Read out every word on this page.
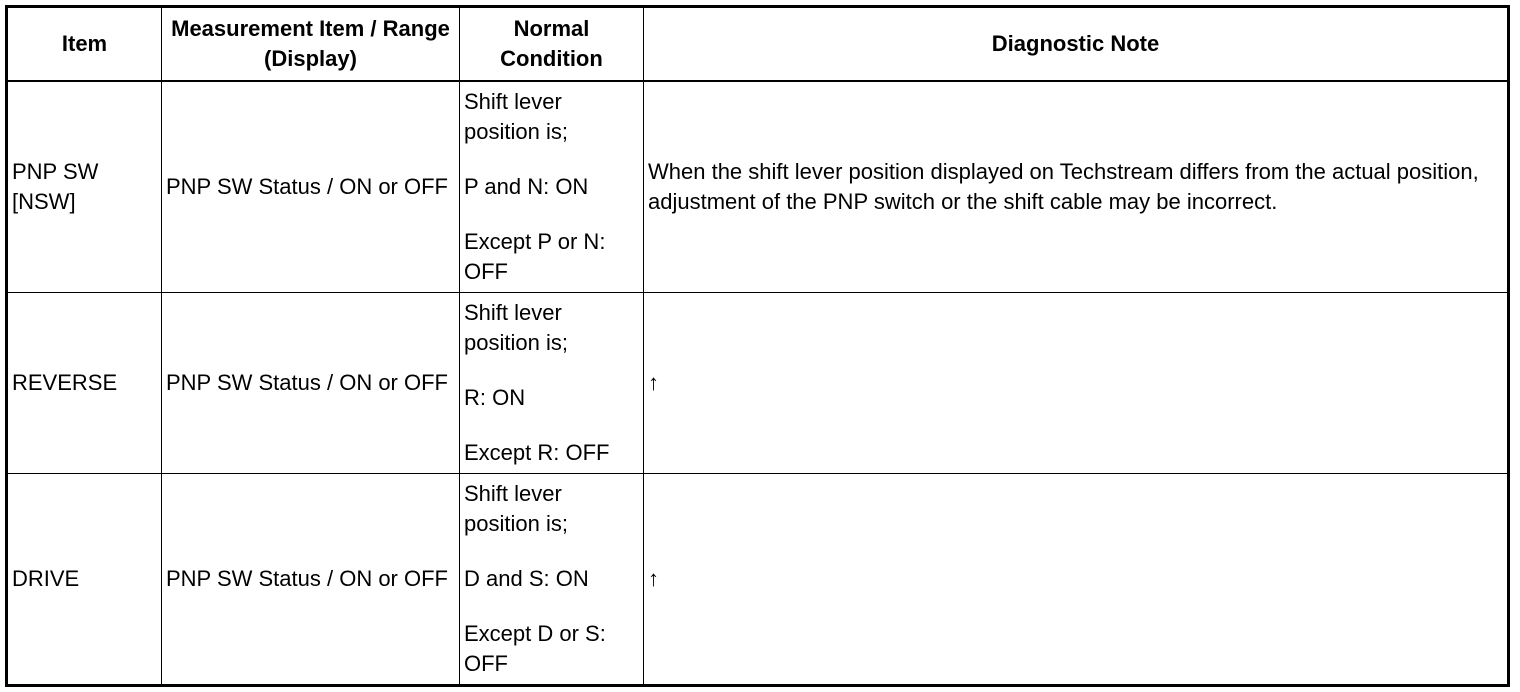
Item	Measurement Item / Range (Display)	Normal Condition	Diagnostic Note
PNP SW [NSW]	PNP SW Status / ON or OFF	Shift lever position is;

P and N: ON

Except P or N: OFF	When the shift lever position displayed on Techstream differs from the actual position, adjustment of the PNP switch or the shift cable may be incorrect.
REVERSE	PNP SW Status / ON or OFF	Shift lever position is;

R: ON

Except R: OFF	↑
DRIVE	PNP SW Status / ON or OFF	Shift lever position is;

D and S: ON

Except D or S: OFF	↑
